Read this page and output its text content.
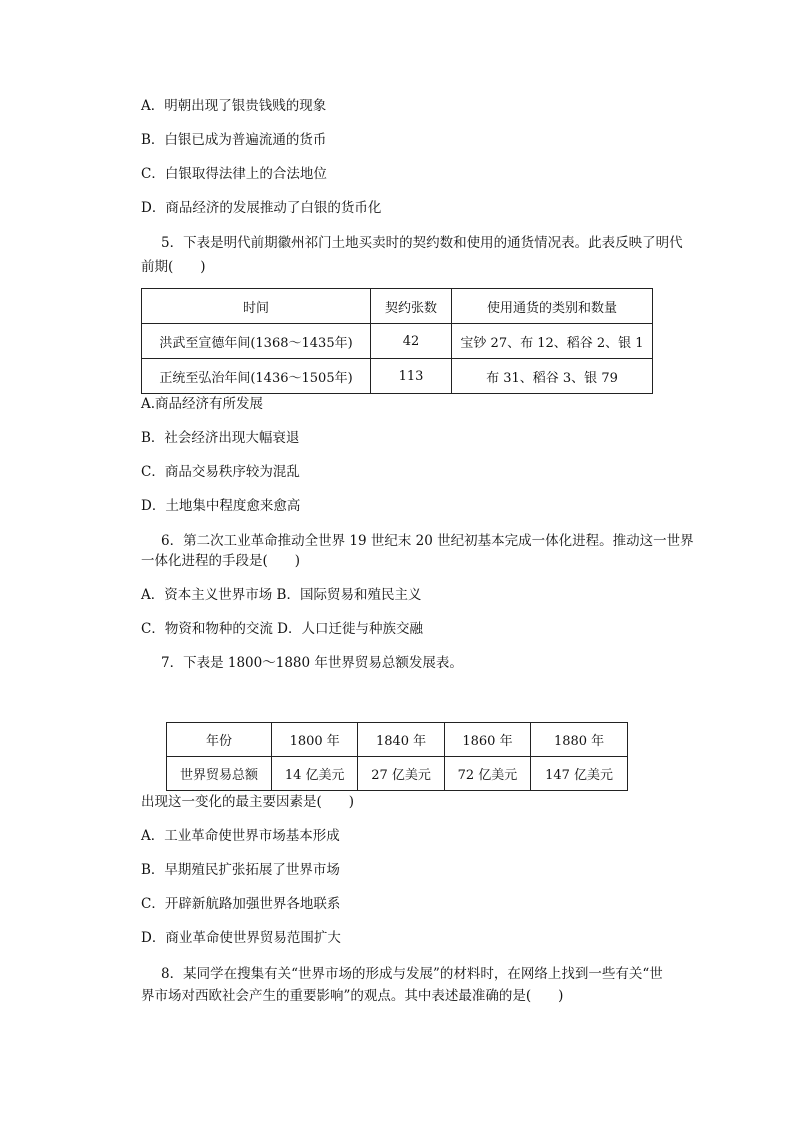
A．明朝出现了银贵钱贱的现象
B．白银已成为普遍流通的货币
C．白银取得法律上的合法地位
D．商品经济的发展推动了白银的货币化
5．下表是明代前期徽州祁门土地买卖时的契约数和使用的通货情况表。此表反映了明代
前期(　　)
时间	契约张数	使用通货的类别和数量
洪武至宣德年间(1368～1435年)	42	宝钞 27、布 12、稻谷 2、银 1
正统至弘治年间(1436～1505年)	113	布 31、稻谷 3、银 79
A.商品经济有所发展
B．社会经济出现大幅衰退
C．商品交易秩序较为混乱
D．土地集中程度愈来愈高
6．第二次工业革命推动全世界 19 世纪末 20 世纪初基本完成一体化进程。推动这一世界
一体化进程的手段是(　　)
A．资本主义世界市场 B．国际贸易和殖民主义
C．物资和物种的交流 D．人口迁徙与种族交融
7．下表是 1800～1880 年世界贸易总额发展表。
年份	1800 年	1840 年	1860 年	1880 年
世界贸易总额	14 亿美元	27 亿美元	72 亿美元	147 亿美元
出现这一变化的最主要因素是(　　)
A．工业革命使世界市场基本形成
B．早期殖民扩张拓展了世界市场
C．开辟新航路加强世界各地联系
D．商业革命使世界贸易范围扩大
8．某同学在搜集有关“世界市场的形成与发展”的材料时，在网络上找到一些有关“世
界市场对西欧社会产生的重要影响”的观点。其中表述最准确的是(　　)
